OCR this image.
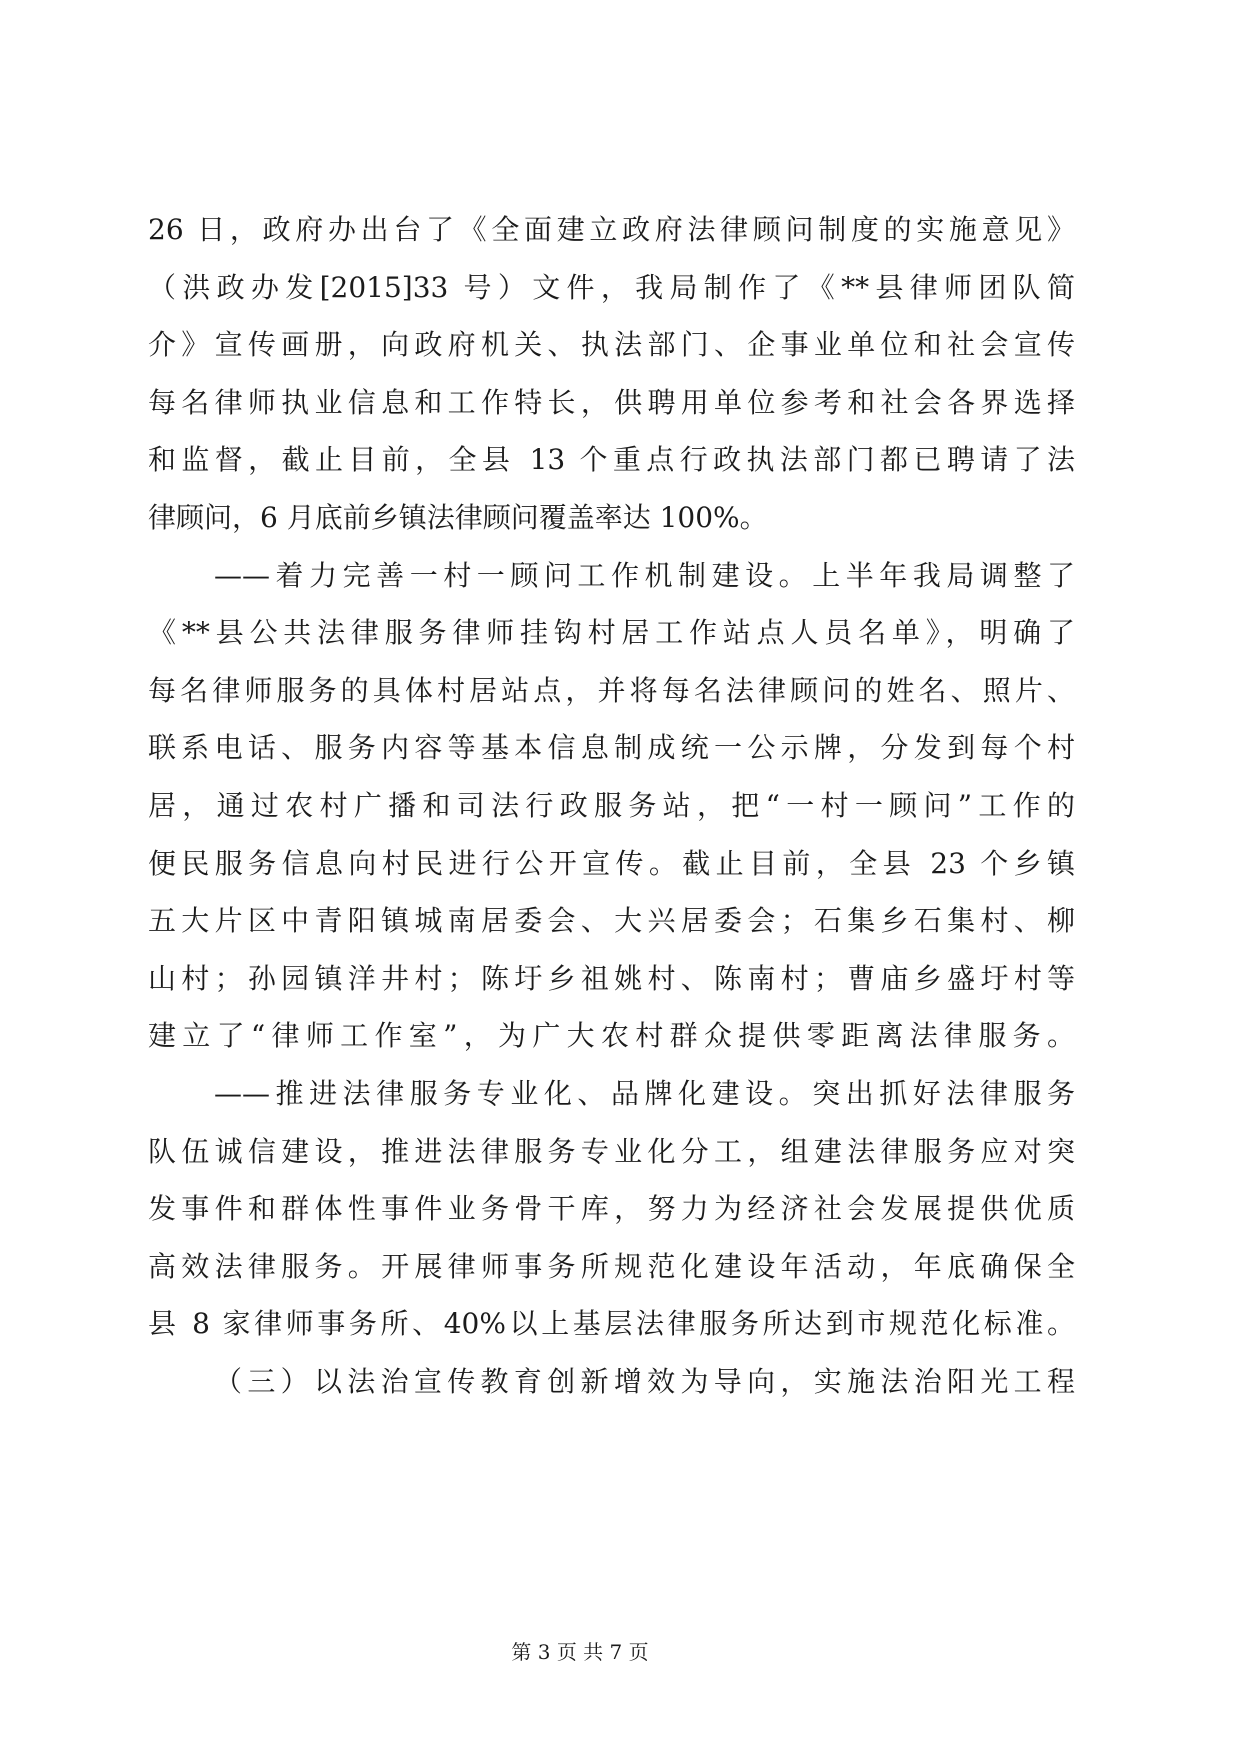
26 日，政府办出台了《全面建立政府法律顾问制度的实施意见》
（洪政办发[2015]33 号）文件，我局制作了《**县律师团队简
介》宣传画册，向政府机关、执法部门、企事业单位和社会宣传
每名律师执业信息和工作特长，供聘用单位参考和社会各界选择
和监督，截止目前，全县 13 个重点行政执法部门都已聘请了法
律顾问，6 月底前乡镇法律顾问覆盖率达 100%。
——着力完善一村一顾问工作机制建设。上半年我局调整了
《**县公共法律服务律师挂钩村居工作站点人员名单》，明确了
每名律师服务的具体村居站点，并将每名法律顾问的姓名、照片、
联系电话、服务内容等基本信息制成统一公示牌，分发到每个村
居，通过农村广播和司法行政服务站，把“一村一顾问”工作的
便民服务信息向村民进行公开宣传。截止目前，全县 23 个乡镇
五大片区中青阳镇城南居委会、大兴居委会；石集乡石集村、柳
山村；孙园镇洋井村；陈圩乡祖姚村、陈南村；曹庙乡盛圩村等
建立了“律师工作室”，为广大农村群众提供零距离法律服务。
——推进法律服务专业化、品牌化建设。突出抓好法律服务
队伍诚信建设，推进法律服务专业化分工，组建法律服务应对突
发事件和群体性事件业务骨干库，努力为经济社会发展提供优质
高效法律服务。开展律师事务所规范化建设年活动，年底确保全
县 8 家律师事务所、40%以上基层法律服务所达到市规范化标准。
（三）以法治宣传教育创新增效为导向，实施法治阳光工程
第 3 页 共 7 页
